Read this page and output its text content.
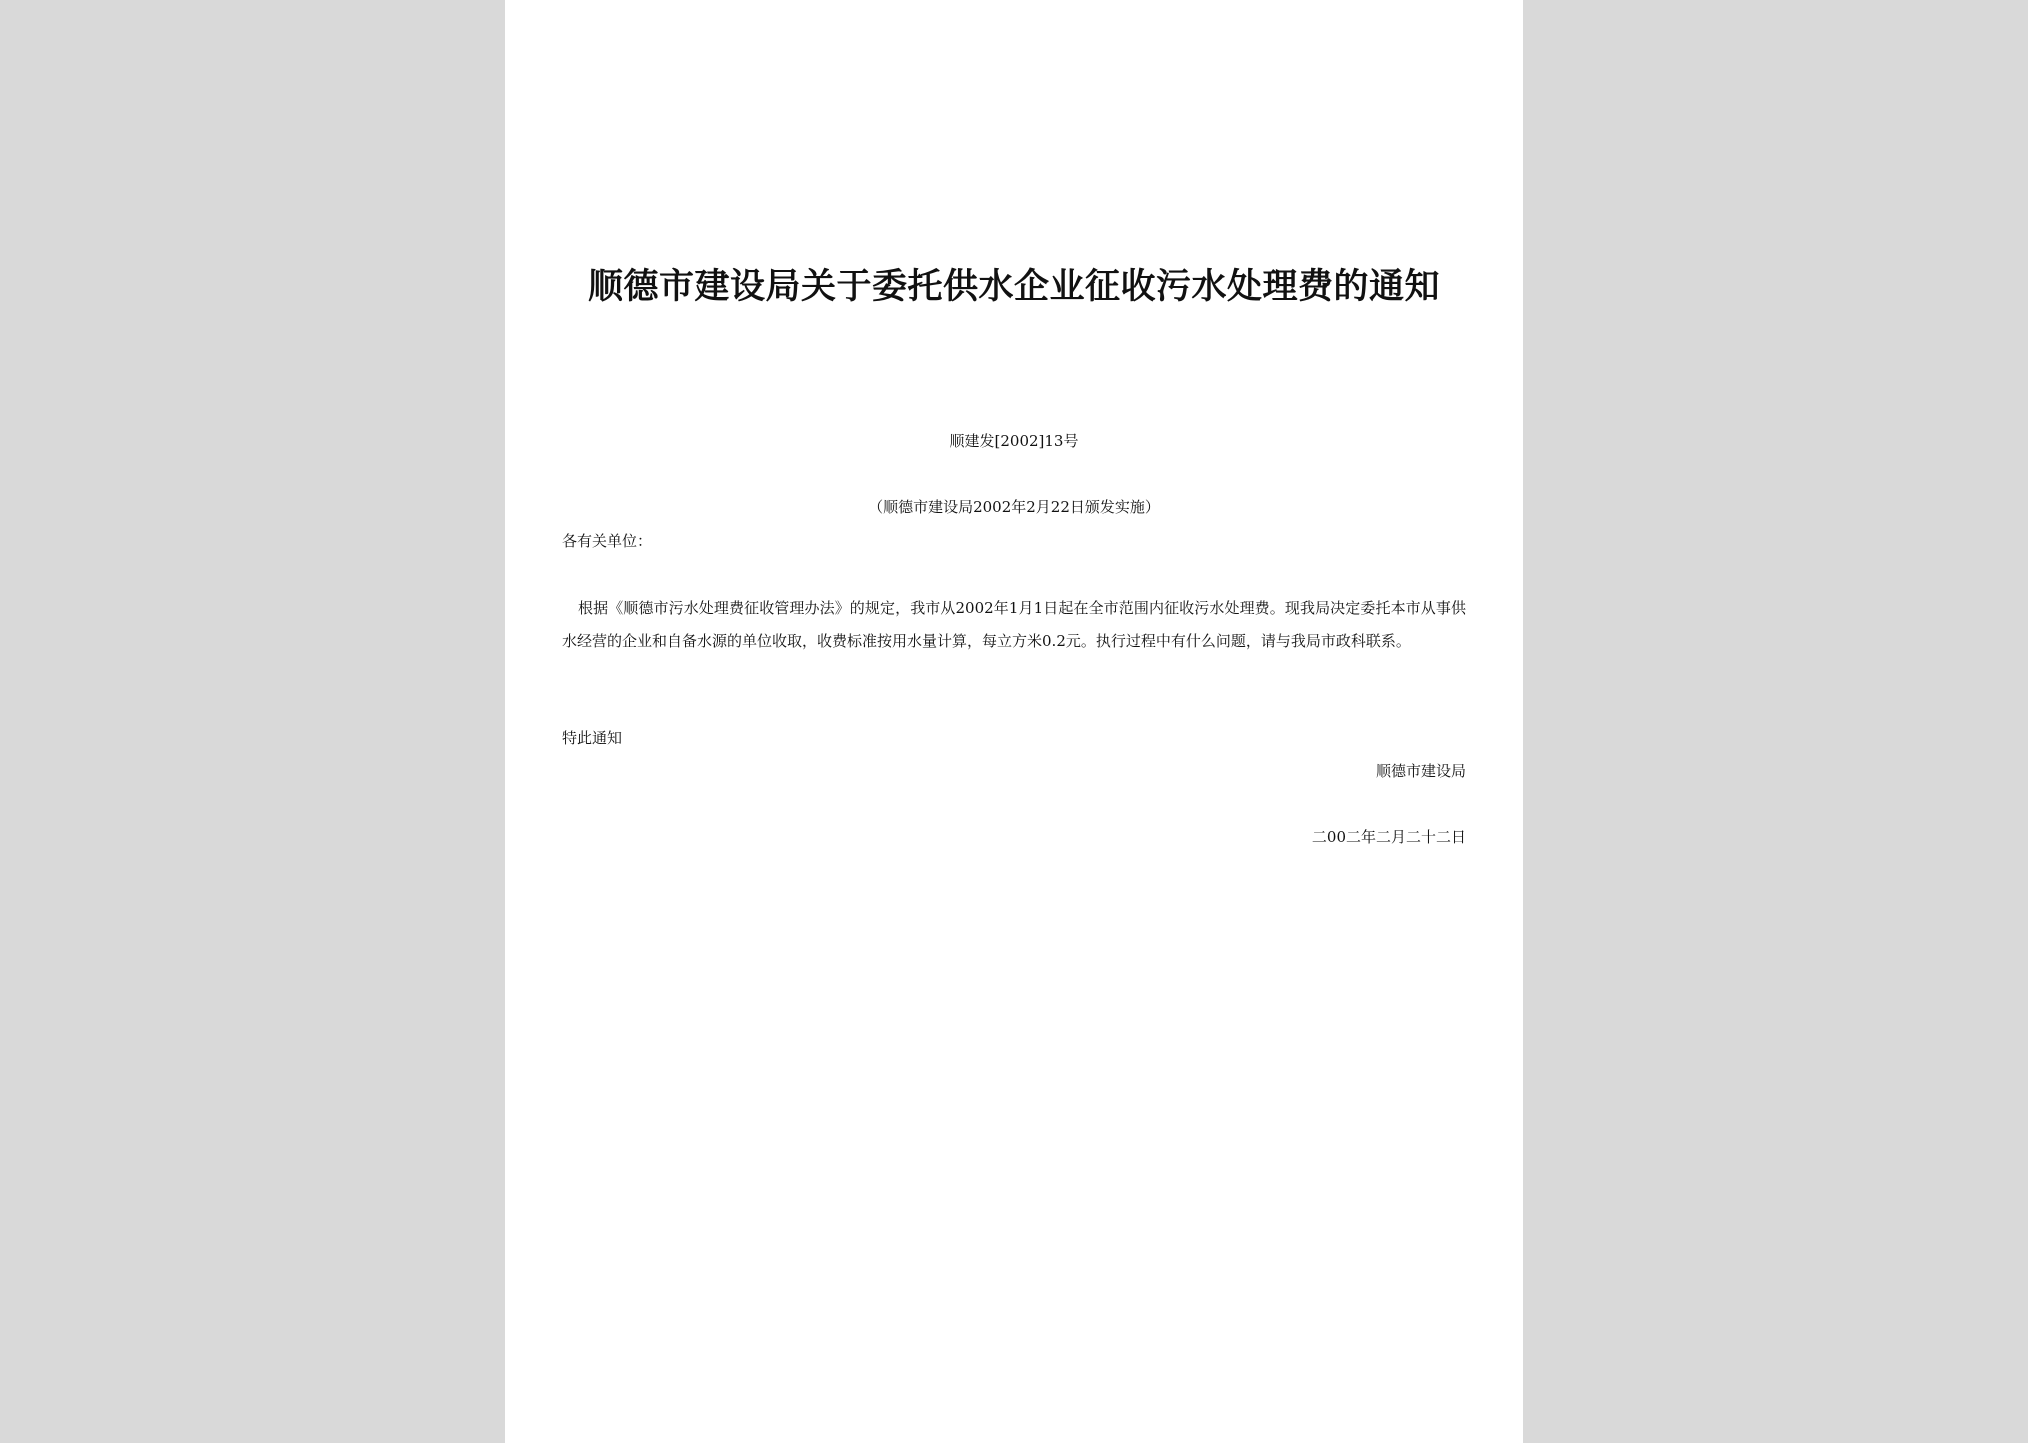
顺德市建设局关于委托供水企业征收污水处理费的通知
顺建发[2002]13号
（顺德市建设局2002年2月22日颁发实施）
各有关单位：

根据《顺德市污水处理费征收管理办法》的规定，我市从2002年1月1日起在全市范围内征收污水处理费。现我局决定委托本市从事供水经营的企业和自备水源的单位收取，收费标准按用水量计算，每立方米0.2元。执行过程中有什么问题，请与我局市政科联系。

特此通知
顺德市建设局
二00二年二月二十二日
